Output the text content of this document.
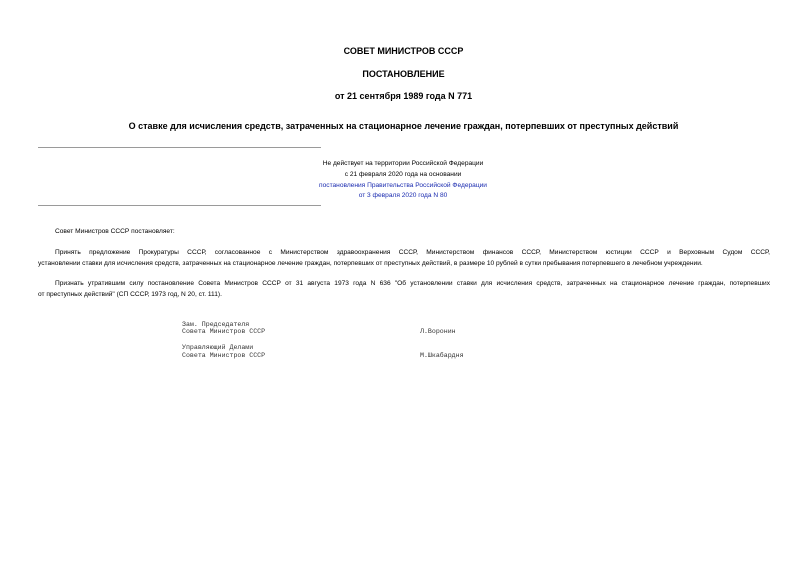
СОВЕТ МИНИСТРОВ СССР
ПОСТАНОВЛЕНИЕ
от 21 сентября 1989 года N 771
О ставке для исчисления средств, затраченных на стационарное лечение граждан, потерпевших от преступных действий
Не действует на территории Российской Федерации
с 21 февраля 2020 года на основании
постановления Правительства Российской Федерации
от 3 февраля 2020 года N 80
Совет Министров СССР постановляет:
Принять предложение Прокуратуры СССР, согласованное с Министерством здравоохранения СССР, Министерством финансов СССР, Министерством юстиции СССР и Верховным Судом СССР,
установлении ставки для исчисления средств, затраченных на стационарное лечение граждан, потерпевших от преступных действий, в размере 10 рублей в сутки пребывания потерпевшего в лечебном учреждении.
Признать утратившим силу постановление Совета Министров СССР от 31 августа 1973 года N 636 "Об установлении ставки для исчисления средств, затраченных на стационарное лечение граждан, потерпевших
от преступных действий" (СП СССР, 1973 год, N 20, ст. 111).
Зам. Председателя
Совета Министров СССР	Л.Воронин
Управляющий Делами
Совета Министров СССР	М.Шкабардня
